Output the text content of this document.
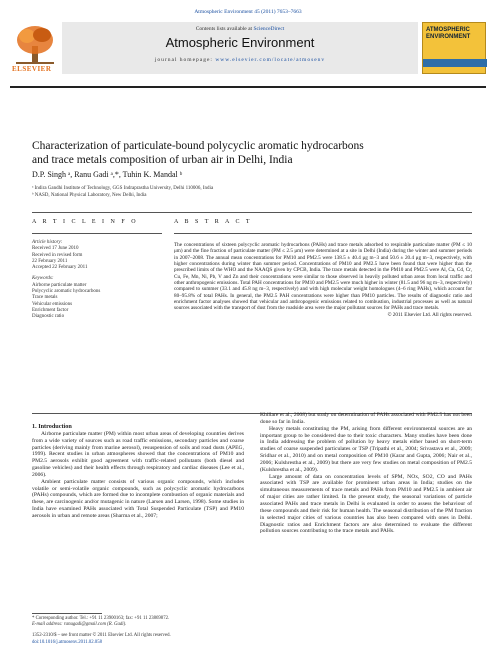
Atmospheric Environment 45 (2011) 7653–7663
ELSEVIER
Contents lists available at ScienceDirect
Atmospheric Environment
journal homepage: www.elsevier.com/locate/atmosenv
ATMOSPHERIC
ENVIRONMENT
Characterization of particulate-bound polycyclic aromatic hydrocarbons
and trace metals composition of urban air in Delhi, India
D.P. Singh ᵃ, Ranu Gadi ᵃ,*, Tuhin K. Mandal ᵇ
ᵃ Indira Gandhi Institute of Technology, GGS Indraprastha University, Delhi 110006, India
ᵇ NASD, National Physical Laboratory, New Delhi, India
A R T I C L E I N F O	A B S T R A C T
Article history:
Received 17 June 2010
Received in revised form
22 February 2011
Accepted 22 February 2011
Keywords:
Airborne particulate matter
Polycyclic aromatic hydrocarbons
Trace metals
Vehicular emissions
Enrichment factor
Diagnostic ratio
The concentrations of sixteen polycyclic aromatic hydrocarbons (PAHs) and trace metals adsorbed to respirable particulate matter (PM ≤ 10 μm) and the fine fraction of particulate matter (PM ≤ 2.5 μm) were determined at a site in Delhi (India) during the winter and summer periods in 2007–2008. The annual mean concentrations for PM10 and PM2.5 were 138.5 ± 40.4 μg m−3 and 50.6 ± 20.4 μg m−3, respectively, with higher concentrations during winter than summer period. Concentrations of PM10 and PM2.5 have been found that were higher than the prescribed limits of the WHO and the NAAQS given by CPCB, India. The trace metals detected in the PM10 and PM2.5 were Al, Ca, Cd, Cr, Cu, Fe, Mn, Ni, Pb, V and Zn and their concentrations were similar to those observed in heavily polluted urban areas from local traffic and other anthropogenic emissions. Total PAH concentrations for PM10 and PM2.5 were much higher in winter (81.5 and 96 ng m−3, respectively) compared to summer (33.1 and 45.8 ng m−3, respectively) and with high molecular weight homologues (4–6 ring PAHs), which account for 80–95.8% of total PAHs. In general, the PM2.5 PAH concentrations were higher than PM10 particles. The results of diagnostic ratio and enrichment factor analyses showed that vehicular and anthropogenic emissions related to combustion, industrial processes as well as natural sources associated with the transport of dust from the roadside area were the major pollutant sources for PAHs and trace metals.
© 2011 Elsevier Ltd. All rights reserved.

1. Introduction

Airborne particulate matter (PM) within most urban areas of developing countries derives from a wide variety of sources such as road traffic emissions, secondary particles and coarse particles (deriving mainly from marine aerosol), resuspension of soils and road dusts (APEG, 1999). Recent studies in urban atmospheres showed that the concentrations of PM10 and PM2.5 aerosols exhibit good agreement with traffic-related pollutants (both diesel and gasoline vehicles) and their health effects through respiratory and cardiac diseases (Lee et al., 2006).

Ambient particulate matter consists of various organic compounds, which includes volatile or semi-volatile organic compounds, such as polycyclic aromatic hydrocarbons (PAHs) compounds, which are formed due to incomplete combustion of organic materials and these, are carcinogenic and/or mutagenic in nature (Larsen and Larsen, 1998). Some studies in India have examined PAHs associated with Total Suspended Particulate (TSP) and PM10 aerosols in urban and remote areas (Sharma et al., 2007;

Khillare et al., 2008) but study on determination of PAHs associated with PM2.5 has not been done so far in India.

Heavy metals constituting the PM, arising from different environmental sources are an important group to be considered due to their toxic characters. Many studies have been done in India addressing the problem of pollution by heavy metals either based on short-term studies of coarse suspended particulates or TSP (Tripathi et al., 2004; Srivastava et al., 2009; Sridhar et al., 2010) and on metal composition of PM10 (Karar and Gupta, 2006; Nair et al., 2006; Kulshrestha et al., 2009) but there are very few studies on metal composition of PM2.5 (Kulshrestha et al., 2009).

Large amount of data on concentration levels of SPM, NOx, SO2, CO and PAHs associated with TSP are available for prominent urban areas in India; studies on the simultaneous measurements of trace metals and PAHs from PM10 and PM2.5 in ambient air of major cities are rather limited. In the present study, the seasonal variations of particle associated PAHs and trace metals in Delhi is evaluated in order to assess the behaviour of these compounds and their risk for human health. The seasonal distribution of the PM fraction in selected major cities of various countries has also been compared with ones in Delhi. Diagnostic ratios and Enrichment factors are also determined to evaluate the different pollution sources contributing to the trace metals and PAHs.

* Corresponding author. Tel.: +91 11 23900163; fax: +91 11 23869872.
E-mail address: ranugadi@gmail.com (R. Gadi).
1352-2310/$ – see front matter © 2011 Elsevier Ltd. All rights reserved.
doi:10.1016/j.atmosenv.2011.02.058
